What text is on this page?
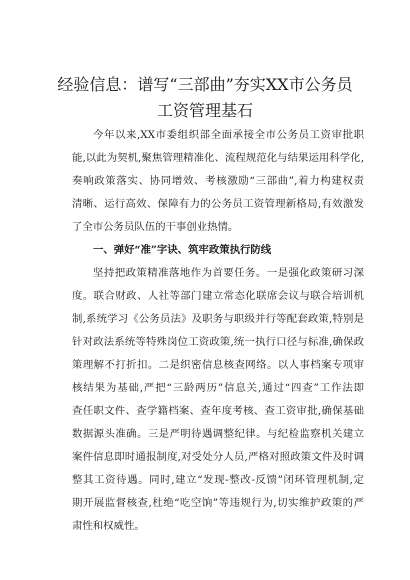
经验信息：谱写“三部曲”夯实XX市公务员
工资管理基石
今年以来,XX市委组织部全面承接全市公务员工资审批职
能,以此为契机,聚焦管理精准化、流程规范化与结果运用科学化,
奏响政策落实、协同增效、考核激励“三部曲”,着力构建权责
清晰、运行高效、保障有力的公务员工资管理新格局,有效激发
了全市公务员队伍的干事创业热情。
一、弹好“准”字诀、筑牢政策执行防线
坚持把政策精准落地作为首要任务。一是强化政策研习深
度。联合财政、人社等部门建立常态化联席会议与联合培训机
制,系统学习《公务员法》及职务与职级并行等配套政策,特别是
针对政法系统等特殊岗位工资政策,统一执行口径与标准,确保政
策理解不打折扣。二是织密信息核查网络。以人事档案专项审
核结果为基础,严把“三龄两历”信息关,通过“四查”工作法即
查任职文件、查学籍档案、查年度考核、查工资审批,确保基础
数据源头准确。三是严明待遇调整纪律。与纪检监察机关建立
案件信息即时通报制度,对受处分人员,严格对照政策文件及时调
整其工资待遇。同时,建立“发现-整改-反馈”闭环管理机制,定
期开展监督核查,杜绝“吃空饷”等违规行为,切实维护政策的严
肃性和权威性。
